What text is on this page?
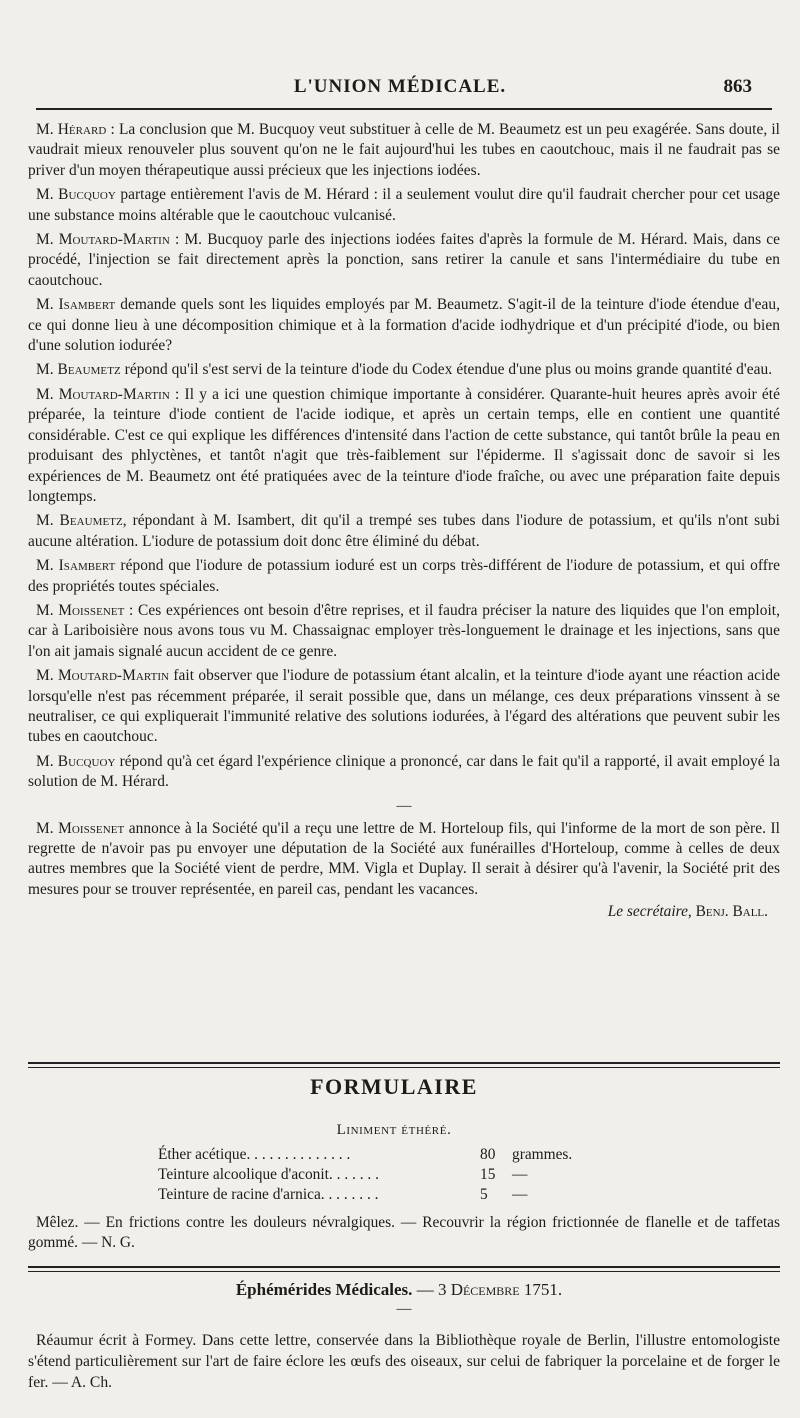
L'UNION MÉDICALE.	863

M. Hérard : La conclusion que M. Bucquoy veut substituer à celle de M. Beaumetz est un peu exagérée. Sans doute, il vaudrait mieux renouveler plus souvent qu'on ne le fait aujourd'hui les tubes en caoutchouc, mais il ne faudrait pas se priver d'un moyen thérapeutique aussi précieux que les injections iodées.

M. Bucquoy partage entièrement l'avis de M. Hérard : il a seulement voulut dire qu'il faudrait chercher pour cet usage une substance moins altérable que le caoutchouc vulcanisé.

M. Moutard-Martin : M. Bucquoy parle des injections iodées faites d'après la formule de M. Hérard. Mais, dans ce procédé, l'injection se fait directement après la ponction, sans retirer la canule et sans l'intermédiaire du tube en caoutchouc.

M. Isambert demande quels sont les liquides employés par M. Beaumetz. S'agit-il de la teinture d'iode étendue d'eau, ce qui donne lieu à une décomposition chimique et à la formation d'acide iodhydrique et d'un précipité d'iode, ou bien d'une solution iodurée?

M. Beaumetz répond qu'il s'est servi de la teinture d'iode du Codex étendue d'une plus ou moins grande quantité d'eau.

M. Moutard-Martin : Il y a ici une question chimique importante à considérer. Quarante-huit heures après avoir été préparée, la teinture d'iode contient de l'acide iodique, et après un certain temps, elle en contient une quantité considérable. C'est ce qui explique les différences d'intensité dans l'action de cette substance, qui tantôt brûle la peau en produisant des phlyctènes, et tantôt n'agit que très-faiblement sur l'épiderme. Il s'agissait donc de savoir si les expériences de M. Beaumetz ont été pratiquées avec de la teinture d'iode fraîche, ou avec une préparation faite depuis longtemps.

M. Beaumetz, répondant à M. Isambert, dit qu'il a trempé ses tubes dans l'iodure de potassium, et qu'ils n'ont subi aucune altération. L'iodure de potassium doit donc être éliminé du débat.

M. Isambert répond que l'iodure de potassium ioduré est un corps très-différent de l'iodure de potassium, et qui offre des propriétés toutes spéciales.

M. Moissenet : Ces expériences ont besoin d'être reprises, et il faudra préciser la nature des liquides que l'on emploit, car à Lariboisière nous avons tous vu M. Chassaignac employer très-longuement le drainage et les injections, sans que l'on ait jamais signalé aucun accident de ce genre.

M. Moutard-Martin fait observer que l'iodure de potassium étant alcalin, et la teinture d'iode ayant une réaction acide lorsqu'elle n'est pas récemment préparée, il serait possible que, dans un mélange, ces deux préparations vinssent à se neutraliser, ce qui expliquerait l'immunité relative des solutions iodurées, à l'égard des altérations que peuvent subir les tubes en caoutchouc.

M. Bucquoy répond qu'à cet égard l'expérience clinique a prononcé, car dans le fait qu'il a rapporté, il avait employé la solution de M. Hérard.

—

M. Moissenet annonce à la Société qu'il a reçu une lettre de M. Horteloup fils, qui l'informe de la mort de son père. Il regrette de n'avoir pas pu envoyer une députation de la Société aux funérailles d'Horteloup, comme à celles de deux autres membres que la Société vient de perdre, MM. Vigla et Duplay. Il serait à désirer qu'à l'avenir, la Société prit des mesures pour se trouver représentée, en pareil cas, pendant les vacances.

Le secrétaire, Benj. Ball.
FORMULAIRE
Liniment éthéré.
Éther acétique. . . . . . . . . . . . . .	80	grammes.
Teinture alcoolique d'aconit. . . . . . .	15	—
Teinture de racine d'arnica. . . . . . . .	5	—
Mêlez. — En frictions contre les douleurs névralgiques. — Recouvrir la région frictionnée de flanelle et de taffetas gommé. — N. G.
Éphémérides Médicales. — 3 Décembre 1751.
—
Réaumur écrit à Formey. Dans cette lettre, conservée dans la Bibliothèque royale de Berlin, l'illustre entomologiste s'étend particulièrement sur l'art de faire éclore les œufs des oiseaux, sur celui de fabriquer la porcelaine et de forger le fer. — A. Ch.
